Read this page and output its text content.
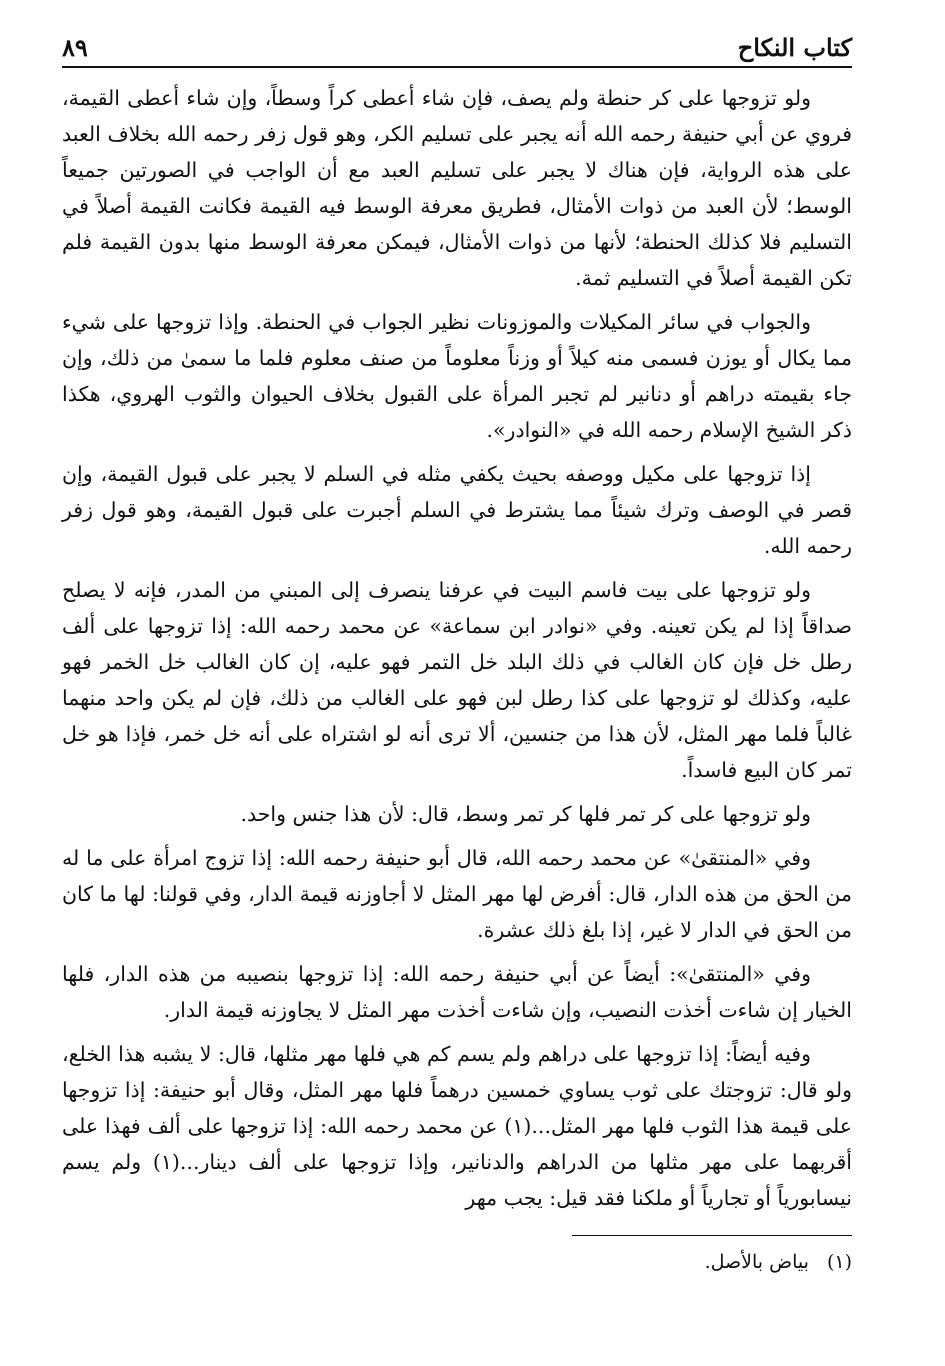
كتاب النكاح
٨٩

ولو تزوجها على كر حنطة ولم يصف، فإن شاء أعطى كراً وسطاً، وإن شاء أعطى القيمة، فروي عن أبي حنيفة رحمه الله أنه يجبر على تسليم الكر، وهو قول زفر رحمه الله بخلاف العبد على هذه الرواية، فإن هناك لا يجبر على تسليم العبد مع أن الواجب في الصورتين جميعاً الوسط؛ لأن العبد من ذوات الأمثال، فطريق معرفة الوسط فيه القيمة فكانت القيمة أصلاً في التسليم فلا كذلك الحنطة؛ لأنها من ذوات الأمثال، فيمكن معرفة الوسط منها بدون القيمة فلم تكن القيمة أصلاً في التسليم ثمة.

والجواب في سائر المكيلات والموزونات نظير الجواب في الحنطة. وإذا تزوجها على شيء مما يكال أو يوزن فسمى منه كيلاً أو وزناً معلوماً من صنف معلوم فلما ما سمىٰ من ذلك، وإن جاء بقيمته دراهم أو دنانير لم تجبر المرأة على القبول بخلاف الحيوان والثوب الهروي، هكذا ذكر الشيخ الإسلام رحمه الله في «النوادر».

إذا تزوجها على مكيل ووصفه بحيث يكفي مثله في السلم لا يجبر على قبول القيمة، وإن قصر في الوصف وترك شيئاً مما يشترط في السلم أجبرت على قبول القيمة، وهو قول زفر رحمه الله.

ولو تزوجها على بيت فاسم البيت في عرفنا ينصرف إلى المبني من المدر، فإنه لا يصلح صداقاً إذا لم يكن تعينه. وفي «نوادر ابن سماعة» عن محمد رحمه الله: إذا تزوجها على ألف رطل خل فإن كان الغالب في ذلك البلد خل التمر فهو عليه، إن كان الغالب خل الخمر فهو عليه، وكذلك لو تزوجها على كذا رطل لبن فهو على الغالب من ذلك، فإن لم يكن واحد منهما غالباً فلما مهر المثل، لأن هذا من جنسين، ألا ترى أنه لو اشتراه على أنه خل خمر، فإذا هو خل تمر كان البيع فاسداً.

ولو تزوجها على كر تمر فلها كر تمر وسط، قال: لأن هذا جنس واحد.

وفي «المنتقىٰ» عن محمد رحمه الله، قال أبو حنيفة رحمه الله: إذا تزوج امرأة على ما له من الحق من هذه الدار، قال: أفرض لها مهر المثل لا أجاوزنه قيمة الدار، وفي قولنا: لها ما كان من الحق في الدار لا غير، إذا بلغ ذلك عشرة.

وفي «المنتقىٰ»: أيضاً عن أبي حنيفة رحمه الله: إذا تزوجها بنصيبه من هذه الدار، فلها الخيار إن شاءت أخذت النصيب، وإن شاءت أخذت مهر المثل لا يجاوزنه قيمة الدار.

وفيه أيضاً: إذا تزوجها على دراهم ولم يسم كم هي فلها مهر مثلها، قال: لا يشبه هذا الخلع، ولو قال: تزوجتك على ثوب يساوي خمسين درهماً فلها مهر المثل، وقال أبو حنيفة: إذا تزوجها على قيمة هذا الثوب فلها مهر المثل...(١) عن محمد رحمه الله: إذا تزوجها على ألف فهذا على أقربهما على مهر مثلها من الدراهم والدنانير، وإذا تزوجها على ألف دينار...(١) ولم يسم نيسابورياً أو تجارياً أو ملكنا فقد قيل: يجب مهر

(١) بياض بالأصل.
